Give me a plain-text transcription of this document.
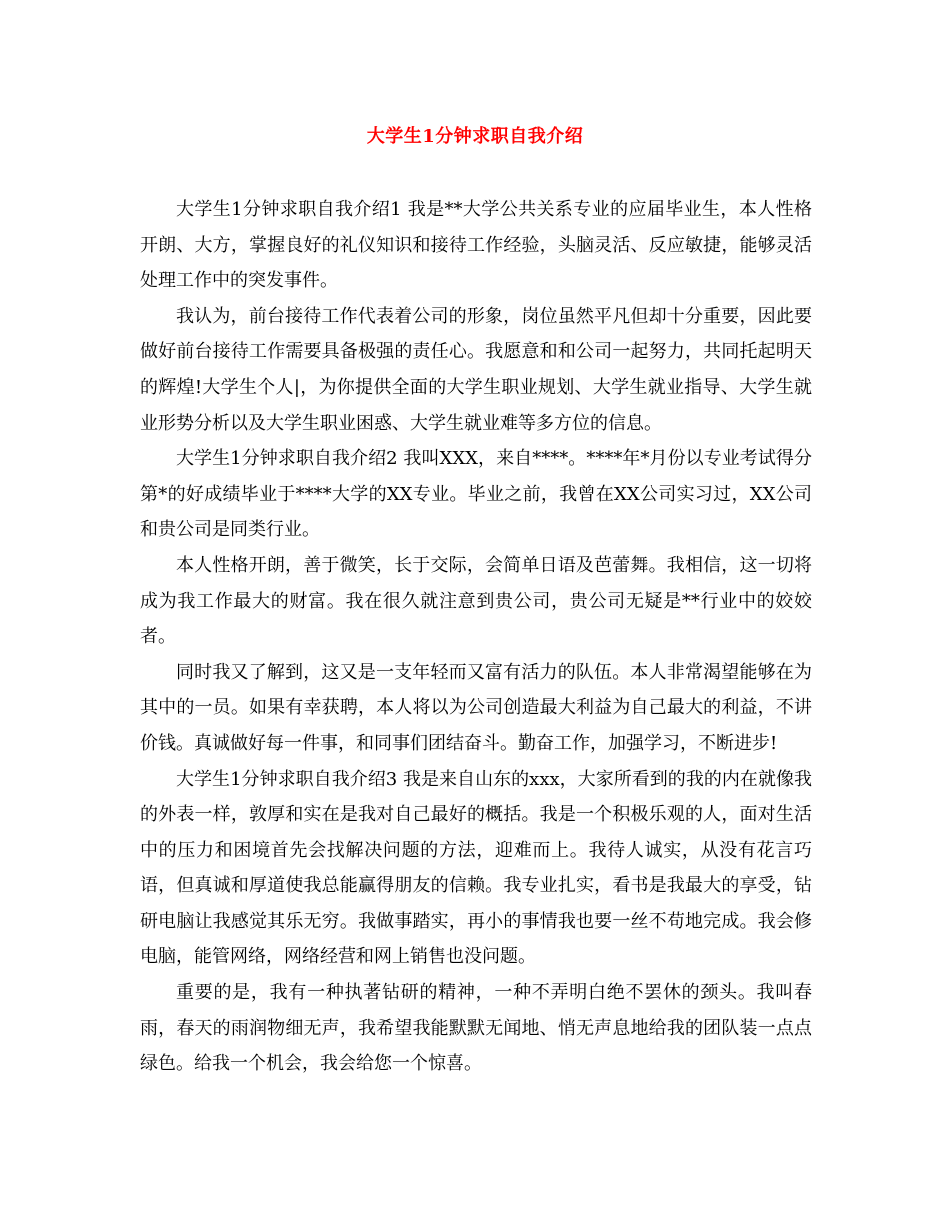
大学生1分钟求职自我介绍

大学生1分钟求职自我介绍1 我是**大学公共关系专业的应届毕业生，本人性格开朗、大方，掌握良好的礼仪知识和接待工作经验，头脑灵活、反应敏捷，能够灵活处理工作中的突发事件。

我认为，前台接待工作代表着公司的形象，岗位虽然平凡但却十分重要，因此要做好前台接待工作需要具备极强的责任心。我愿意和和公司一起努力，共同托起明天的辉煌!大学生个人|，为你提供全面的大学生职业规划、大学生就业指导、大学生就业形势分析以及大学生职业困惑、大学生就业难等多方位的信息。

大学生1分钟求职自我介绍2 我叫XXX，来自****。****年*月份以专业考试得分第*的好成绩毕业于****大学的XX专业。毕业之前，我曾在XX公司实习过，XX公司和贵公司是同类行业。

本人性格开朗，善于微笑，长于交际，会简单日语及芭蕾舞。我相信，这一切将成为我工作最大的财富。我在很久就注意到贵公司，贵公司无疑是**行业中的姣姣者。

同时我又了解到，这又是一支年轻而又富有活力的队伍。本人非常渴望能够在为其中的一员。如果有幸获聘，本人将以为公司创造最大利益为自己最大的利益，不讲价钱。真诚做好每一件事，和同事们团结奋斗。勤奋工作，加强学习，不断进步!

大学生1分钟求职自我介绍3 我是来自山东的xxx，大家所看到的我的内在就像我的外表一样，敦厚和实在是我对自己最好的概括。我是一个积极乐观的人，面对生活中的压力和困境首先会找解决问题的方法，迎难而上。我待人诚实，从没有花言巧语，但真诚和厚道使我总能赢得朋友的信赖。我专业扎实，看书是我最大的享受，钻研电脑让我感觉其乐无穷。我做事踏实，再小的事情我也要一丝不苟地完成。我会修电脑，能管网络，网络经营和网上销售也没问题。

重要的是，我有一种执著钻研的精神，一种不弄明白绝不罢休的颈头。我叫春雨，春天的雨润物细无声，我希望我能默默无闻地、悄无声息地给我的团队装一点点绿色。给我一个机会，我会给您一个惊喜。
